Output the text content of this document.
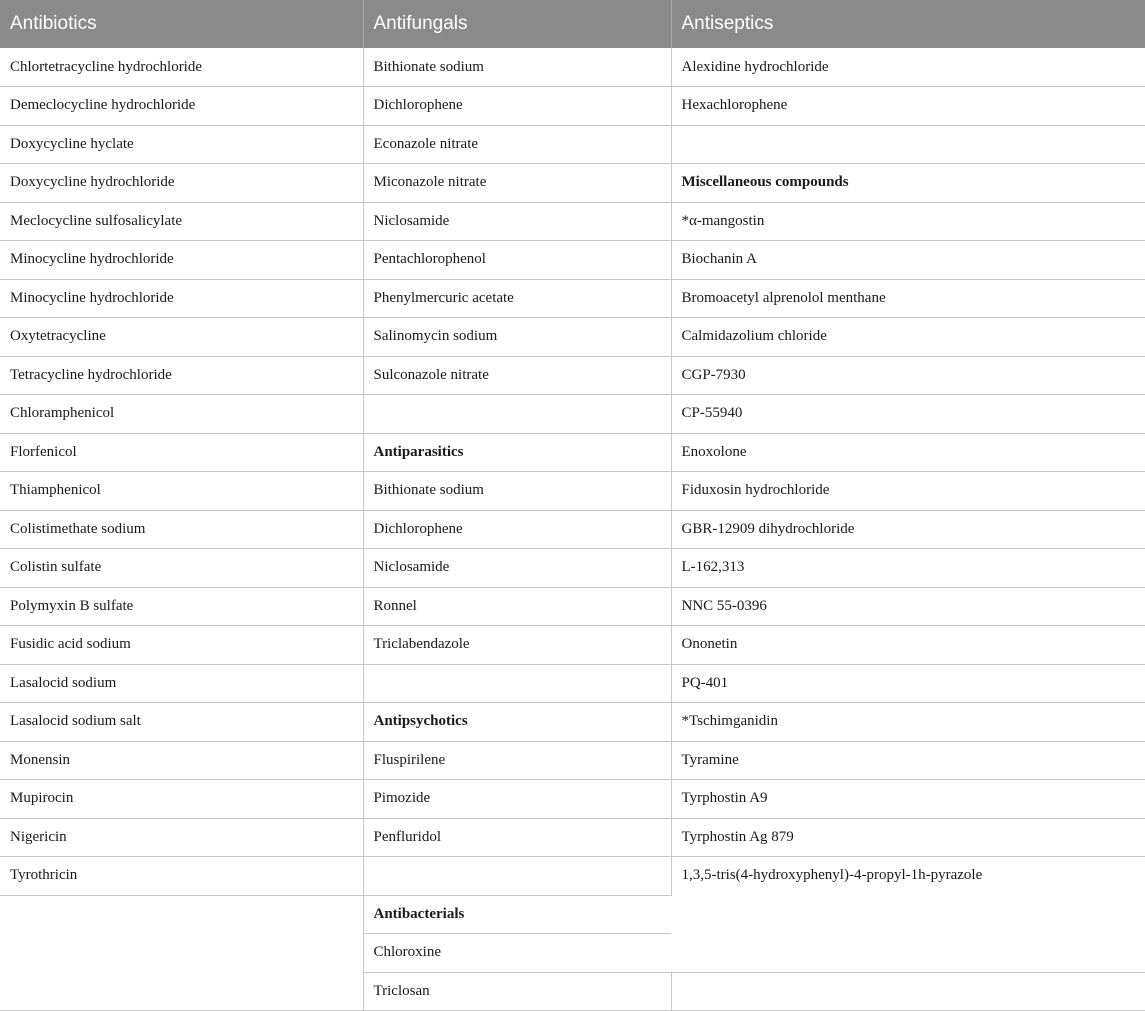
Antibiotics	Antifungals	Antiseptics
Chlortetracycline hydrochloride	Bithionate sodium	Alexidine hydrochloride
Demeclocycline hydrochloride	Dichlorophene	Hexachlorophene
Doxycycline hyclate	Econazole nitrate	
Doxycycline hydrochloride	Miconazole nitrate	Miscellaneous compounds
Meclocycline sulfosalicylate	Niclosamide	*α-mangostin
Minocycline hydrochloride	Pentachlorophenol	Biochanin A
Minocycline hydrochloride	Phenylmercuric acetate	Bromoacetyl alprenolol menthane
Oxytetracycline	Salinomycin sodium	Calmidazolium chloride
Tetracycline hydrochloride	Sulconazole nitrate	CGP-7930
Chloramphenicol		CP-55940
Florfenicol	Antiparasitics	Enoxolone
Thiamphenicol	Bithionate sodium	Fiduxosin hydrochloride
Colistimethate sodium	Dichlorophene	GBR-12909 dihydrochloride
Colistin sulfate	Niclosamide	L-162,313
Polymyxin B sulfate	Ronnel	NNC 55-0396
Fusidic acid sodium	Triclabendazole	Ononetin
Lasalocid sodium		PQ-401
Lasalocid sodium salt	Antipsychotics	*Tschimganidin
Monensin	Fluspirilene	Tyramine
Mupirocin	Pimozide	Tyrphostin A9
Nigericin	Penfluridol	Tyrphostin Ag 879
Tyrothricin		1,3,5-tris(4-hydroxyphenyl)-4-propyl-1h-pyrazole
	Antibacterials	
	Chloroxine	
	Triclosan	
